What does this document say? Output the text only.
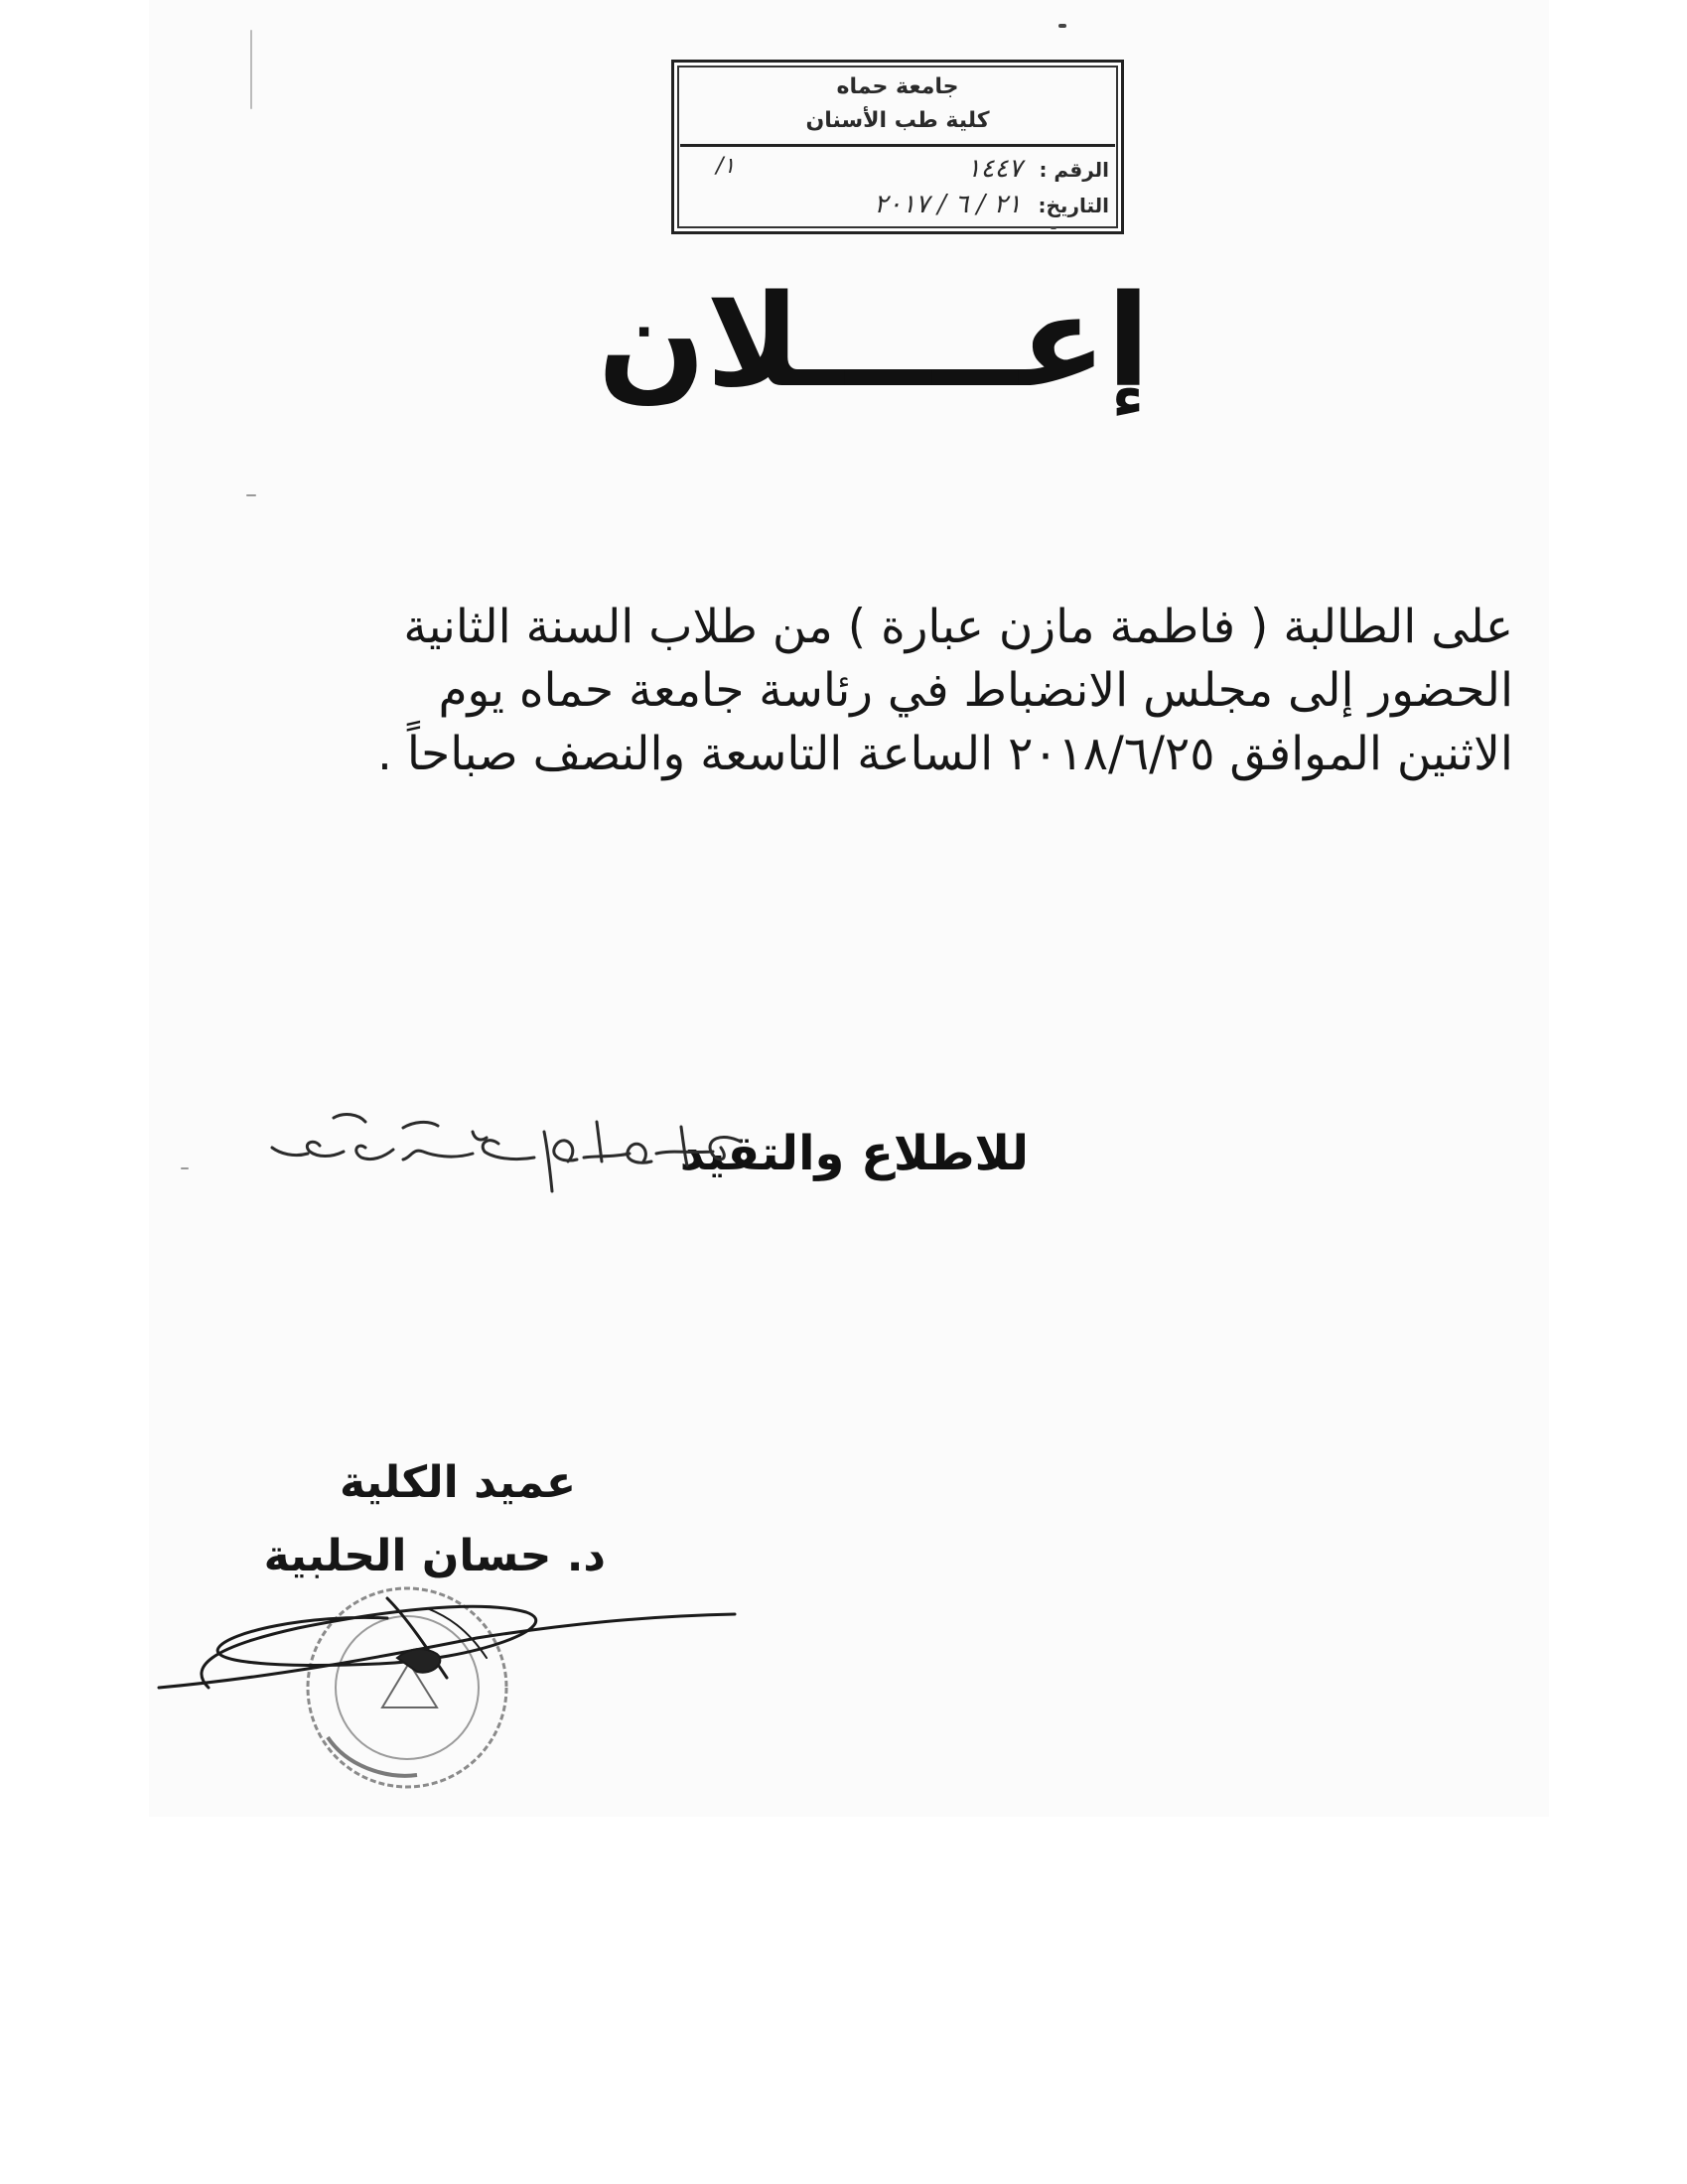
جامعة حماه
كلية طب الأسنان
الرقم : ١٤٤٧
١/
التاريخ: ٢١ / ٦ / ٢٠١٧
إعـــــلان
على الطالبة ( فاطمة مازن عبارة ) من طلاب السنة الثانية
الحضور إلى مجلس الانضباط في رئاسة جامعة حماه يوم
الاثنين الموافق ٢٠١٨/٦/٢٥ الساعة التاسعة والنصف صباحاً .
للاطلاع والتقيد
عميد الكلية
د. حسان الحلبية
